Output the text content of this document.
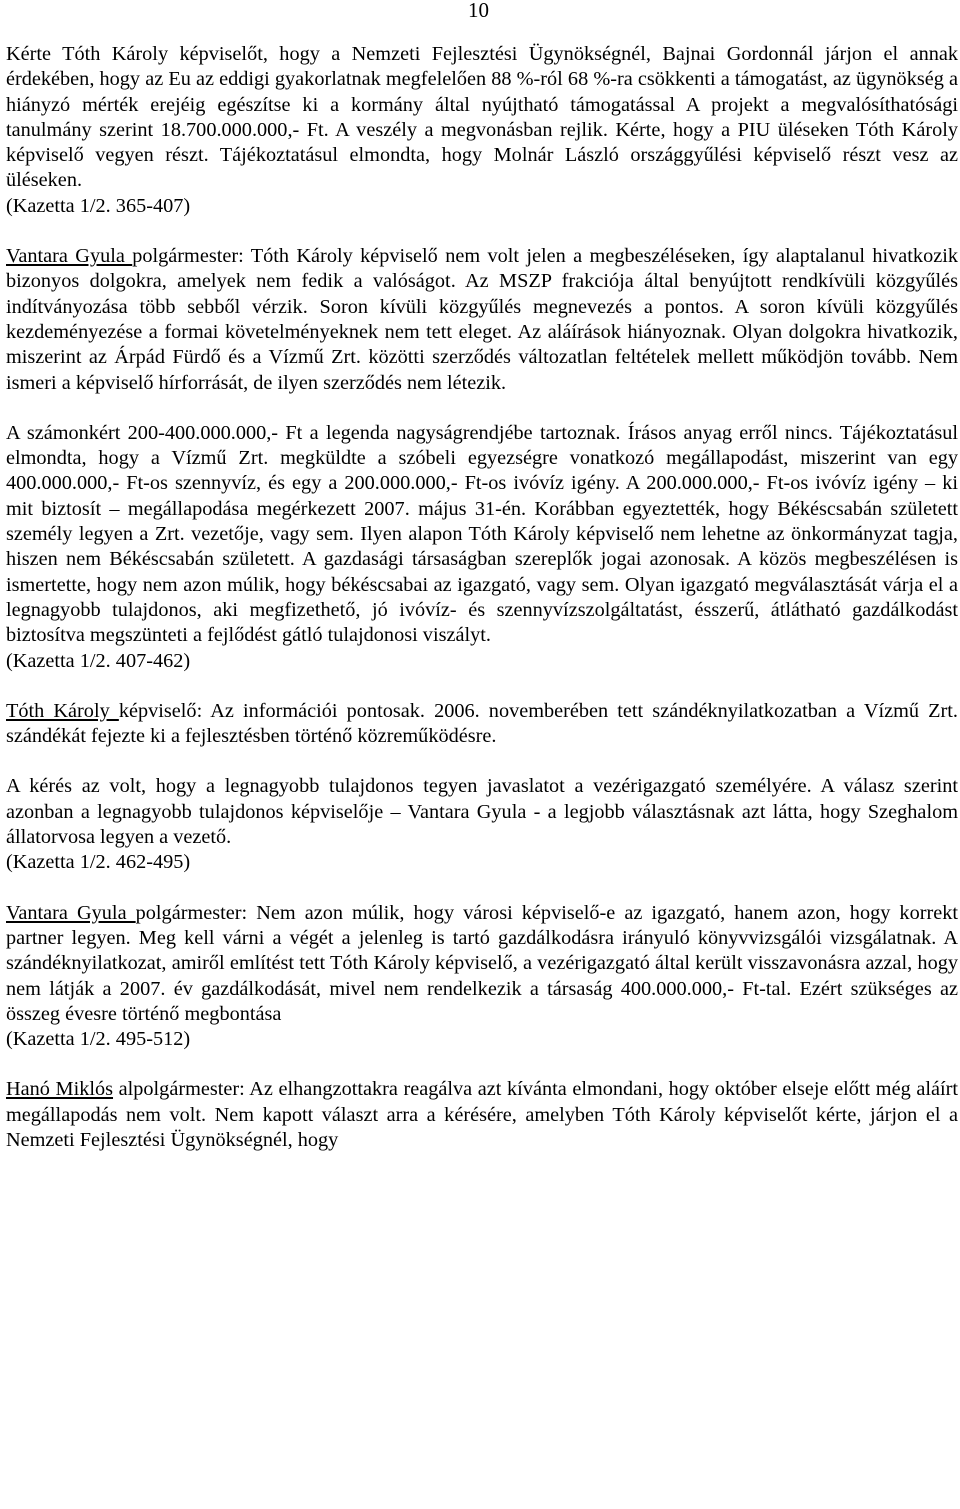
10

Kérte Tóth Károly képviselőt, hogy a Nemzeti Fejlesztési Ügynökségnél, Bajnai Gordonnál járjon el annak érdekében, hogy az Eu az eddigi gyakorlatnak megfelelően 88 %-ról 68 %-ra csökkenti a támogatást, az ügynökség a hiányzó mérték erejéig egészítse ki a kormány által nyújtható támogatással A projekt a megvalósíthatósági tanulmány szerint 18.700.000.000,- Ft. A veszély a megvonásban rejlik. Kérte, hogy a PIU üléseken Tóth Károly képviselő vegyen részt. Tájékoztatásul elmondta, hogy Molnár László országgyűlési képviselő részt vesz az üléseken.

(Kazetta 1/2. 365-407)

Vantara Gyula polgármester: Tóth Károly képviselő nem volt jelen a megbeszéléseken, így alaptalanul hivatkozik bizonyos dolgokra, amelyek nem fedik a valóságot. Az MSZP frakciója által benyújtott rendkívüli közgyűlés indítványozása több sebből vérzik. Soron kívüli közgyűlés megnevezés a pontos. A soron kívüli közgyűlés kezdeményezése a formai követelményeknek nem tett eleget. Az aláírások hiányoznak. Olyan dolgokra hivatkozik, miszerint az Árpád Fürdő és a Vízmű Zrt. közötti szerződés változatlan feltételek mellett működjön tovább. Nem ismeri a képviselő hírforrását, de ilyen szerződés nem létezik.

A számonkért 200-400.000.000,- Ft a legenda nagyságrendjébe tartoznak. Írásos anyag erről nincs. Tájékoztatásul elmondta, hogy a Vízmű Zrt. megküldte a szóbeli egyezségre vonatkozó megállapodást, miszerint van egy 400.000.000,- Ft-os szennyvíz, és egy a 200.000.000,- Ft-os ivóvíz igény. A 200.000.000,- Ft-os ivóvíz igény – ki mit biztosít – megállapodása megérkezett 2007. május 31-én. Korábban egyeztették, hogy Békéscsabán született személy legyen a Zrt. vezetője, vagy sem. Ilyen alapon Tóth Károly képviselő nem lehetne az önkormányzat tagja, hiszen nem Békéscsabán született. A gazdasági társaságban szereplők jogai azonosak. A közös megbeszélésen is ismertette, hogy nem azon múlik, hogy békéscsabai az igazgató, vagy sem. Olyan igazgató megválasztását várja el a legnagyobb tulajdonos, aki megfizethető, jó ivóvíz- és szennyvízszolgáltatást, ésszerű, átlátható gazdálkodást biztosítva megszünteti a fejlődést gátló tulajdonosi viszályt.

(Kazetta 1/2. 407-462)

Tóth Károly képviselő: Az információi pontosak. 2006. novemberében tett szándéknyilatkozatban a Vízmű Zrt. szándékát fejezte ki a fejlesztésben történő közreműködésre.

A kérés az volt, hogy a legnagyobb tulajdonos tegyen javaslatot a vezérigazgató személyére. A válasz szerint azonban a legnagyobb tulajdonos képviselője – Vantara Gyula - a legjobb választásnak azt látta, hogy Szeghalom állatorvosa legyen a vezető.

(Kazetta 1/2. 462-495)

Vantara Gyula polgármester: Nem azon múlik, hogy városi képviselő-e az igazgató, hanem azon, hogy korrekt partner legyen. Meg kell várni a végét a jelenleg is tartó gazdálkodásra irányuló könyvvizsgálói vizsgálatnak. A szándéknyilatkozat, amiről említést tett Tóth Károly képviselő, a vezérigazgató által került visszavonásra azzal, hogy nem látják a 2007. év gazdálkodását, mivel nem rendelkezik a társaság 400.000.000,- Ft-tal. Ezért szükséges az összeg évesre történő megbontása

(Kazetta 1/2. 495-512)

Hanó Miklós alpolgármester: Az elhangzottakra reagálva azt kívánta elmondani, hogy október elseje előtt még aláírt megállapodás nem volt. Nem kapott választ arra a kérésére, amelyben Tóth Károly képviselőt kérte, járjon el a Nemzeti Fejlesztési Ügynökségnél, hogy
